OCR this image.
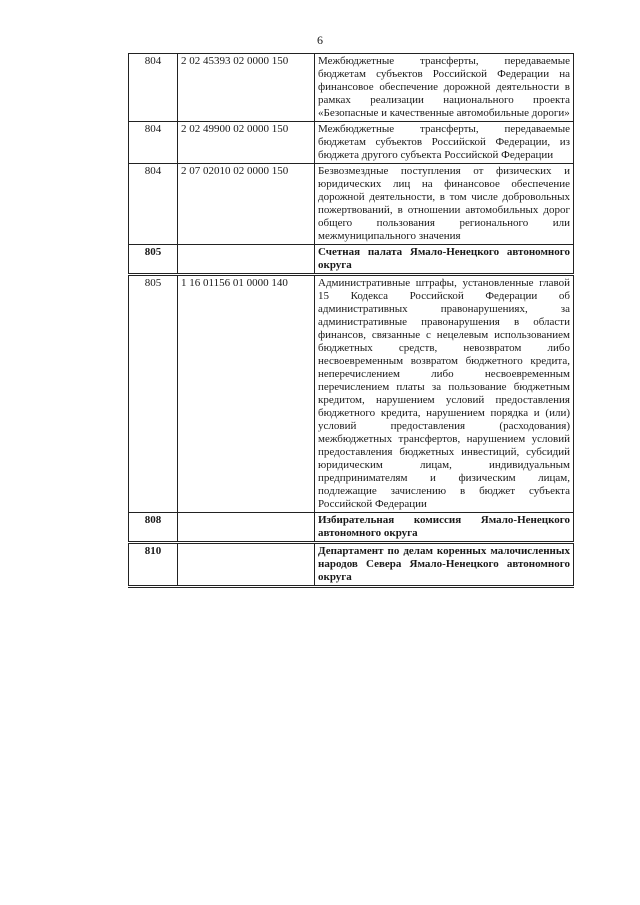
6
804	2 02 45393 02 0000 150	Межбюджетные трансферты, передаваемые бюджетам субъектов Российской Федерации на финансовое обеспечение дорожной деятельности в рамках реализации национального проекта «Безопасные и качественные автомобильные дороги»
804	2 02 49900 02 0000 150	Межбюджетные трансферты, передаваемые бюджетам субъектов Российской Федерации, из бюджета другого субъекта Российской Федерации
804	2 07 02010 02 0000 150	Безвозмездные поступления от физических и юридических лиц на финансовое обеспечение дорожной деятельности, в том числе добровольных пожертвований, в отношении автомобильных дорог общего пользования регионального или межмуниципального значения
805		Счетная палата Ямало-Ненецкого автономного округа
805	1 16 01156 01 0000 140	Административные штрафы, установленные главой 15 Кодекса Российской Федерации об административных правонарушениях, за административные правонарушения в области финансов, связанные с нецелевым использованием бюджетных средств, невозвратом либо несвоевременным возвратом бюджетного кредита, неперечислением либо несвоевременным перечислением платы за пользование бюджетным кредитом, нарушением условий предоставления бюджетного кредита, нарушением порядка и (или) условий предоставления (расходования) межбюджетных трансфертов, нарушением условий предоставления бюджетных инвестиций, субсидий юридическим лицам, индивидуальным предпринимателям и физическим лицам, подлежащие зачислению в бюджет субъекта Российской Федерации
808		Избирательная комиссия Ямало-Ненецкого автономного округа
810		Департамент по делам коренных малочисленных народов Севера Ямало-Ненецкого автономного округа
